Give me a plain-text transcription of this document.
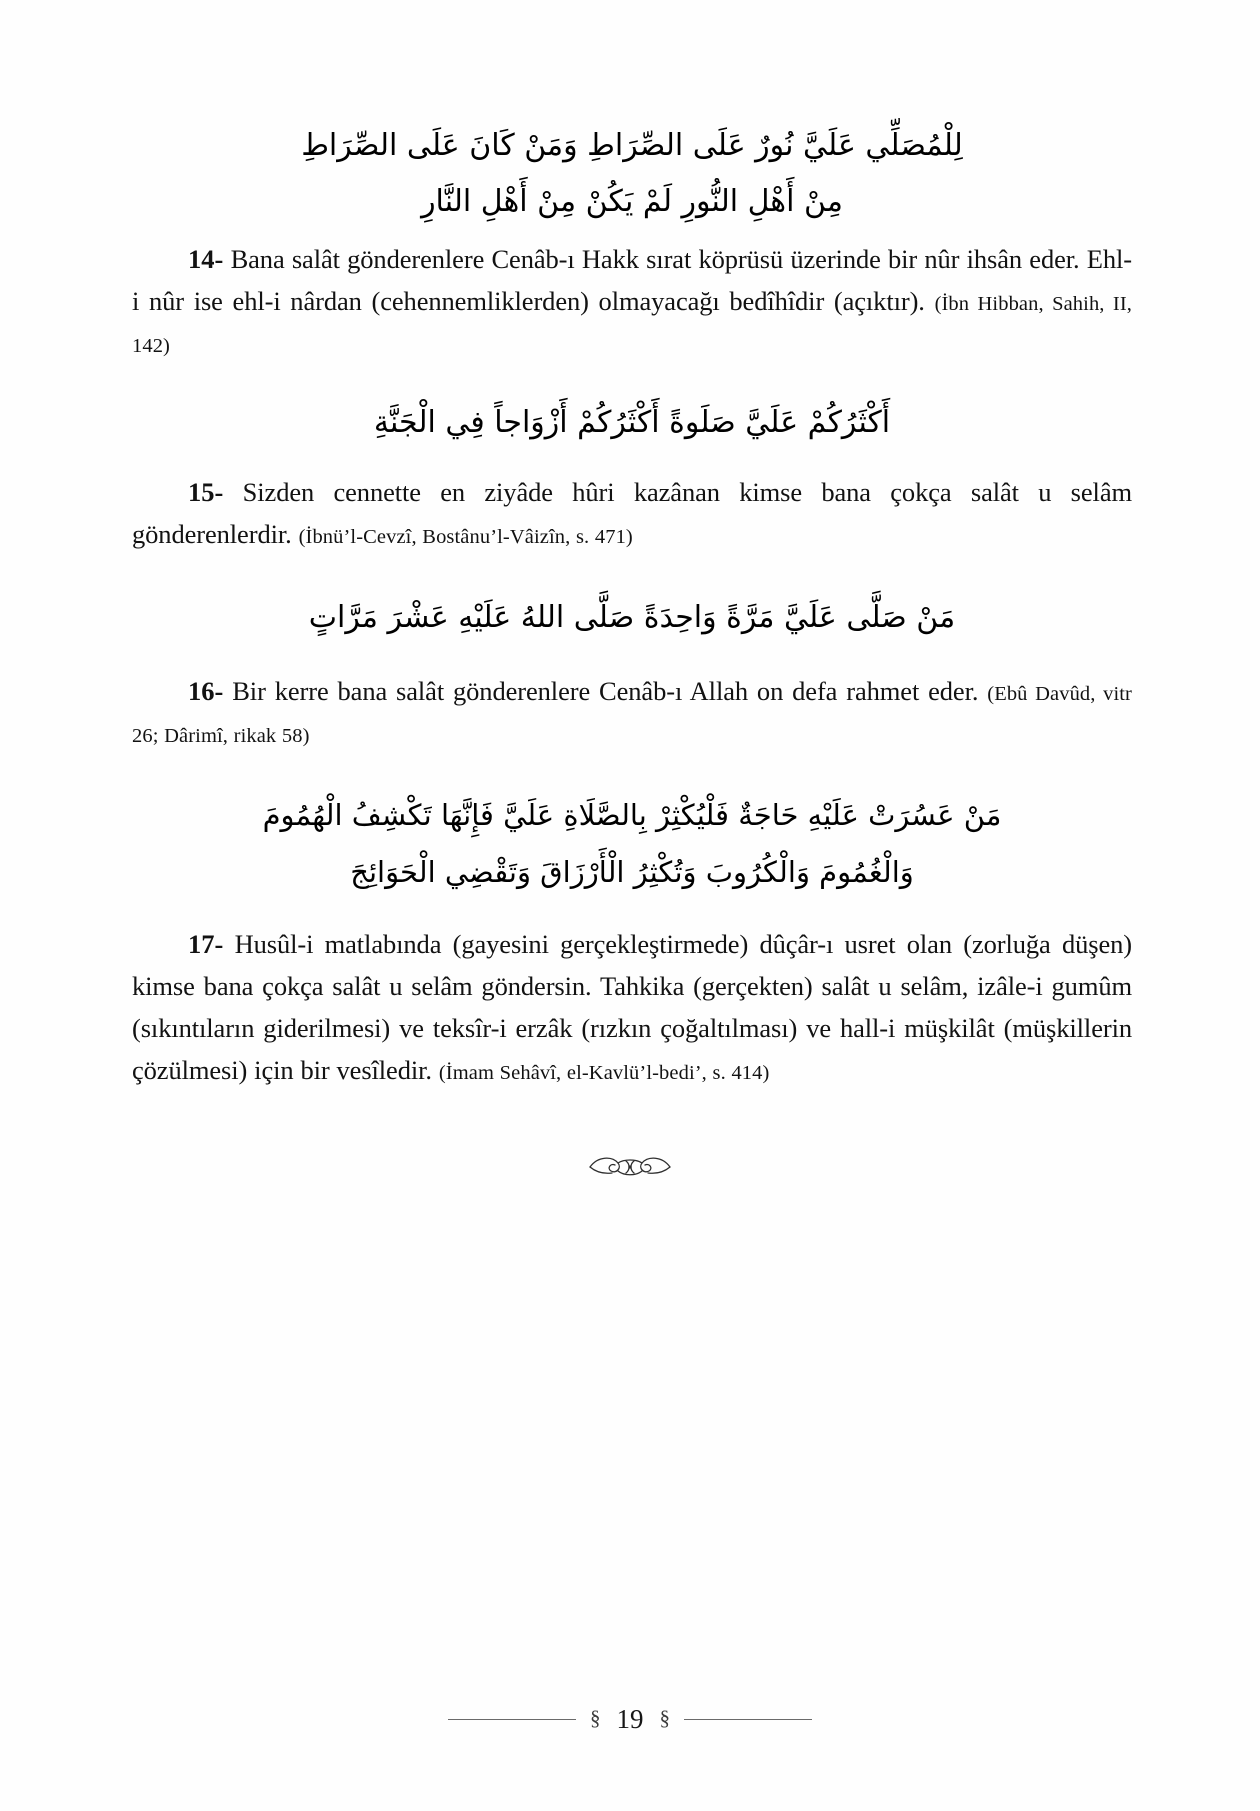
لِلْمُصَلِّي عَلَيَّ نُورٌ عَلَى الصِّرَاطِ وَمَنْ كَانَ عَلَى الصِّرَاطِ
مِنْ أَهْلِ النُّورِ لَمْ يَكُنْ مِنْ أَهْلِ النَّارِ

14- Bana salât gönderenlere Cenâb-ı Hakk sırat köprüsü üzerinde bir nûr ihsân eder. Ehl-i nûr ise ehl-i nârdan (cehennemliklerden) olmayacağı bedîhîdir (açıktır). (İbn Hibban, Sahih, II, 142)

أَكْثَرُكُمْ عَلَيَّ صَلَوةً أَكْثَرُكُمْ أَزْوَاجاً فِي الْجَنَّةِ

15- Sizden cennette en ziyâde hûri kazânan kimse bana çokça salât u selâm gönderenlerdir. (İbnü’l-Cevzî, Bostânu’l-Vâizîn, s. 471)

مَنْ صَلَّى عَلَيَّ مَرَّةً وَاحِدَةً صَلَّى اللهُ عَلَيْهِ عَشْرَ مَرَّاتٍ

16- Bir kerre bana salât gönderenlere Cenâb-ı Allah on defa rahmet eder. (Ebû Davûd, vitr 26; Dârimî, rikak 58)

مَنْ عَسُرَتْ عَلَيْهِ حَاجَةٌ فَلْيُكْثِرْ بِالصَّلَاةِ عَلَيَّ فَإِنَّهَا تَكْشِفُ الْهُمُومَ
وَالْغُمُومَ وَالْكُرُوبَ وَتُكْثِرُ الْأَرْزَاقَ وَتَقْضِي الْحَوَائِجَ

17- Husûl-i matlabında (gayesini gerçekleştirmede) dûçâr-ı usret olan (zorluğa düşen) kimse bana çokça salât u selâm göndersin. Tahkika (gerçekten) salât u selâm, izâle-i gumûm (sıkıntıların giderilmesi) ve teksîr-i erzâk (rızkın çoğaltılması) ve hall-i müşkilât (müşkillerin çözülmesi) için bir vesîledir. (İmam Sehâvî, el-Kavlü’l-bedi’, s. 414)

§ 19 §
